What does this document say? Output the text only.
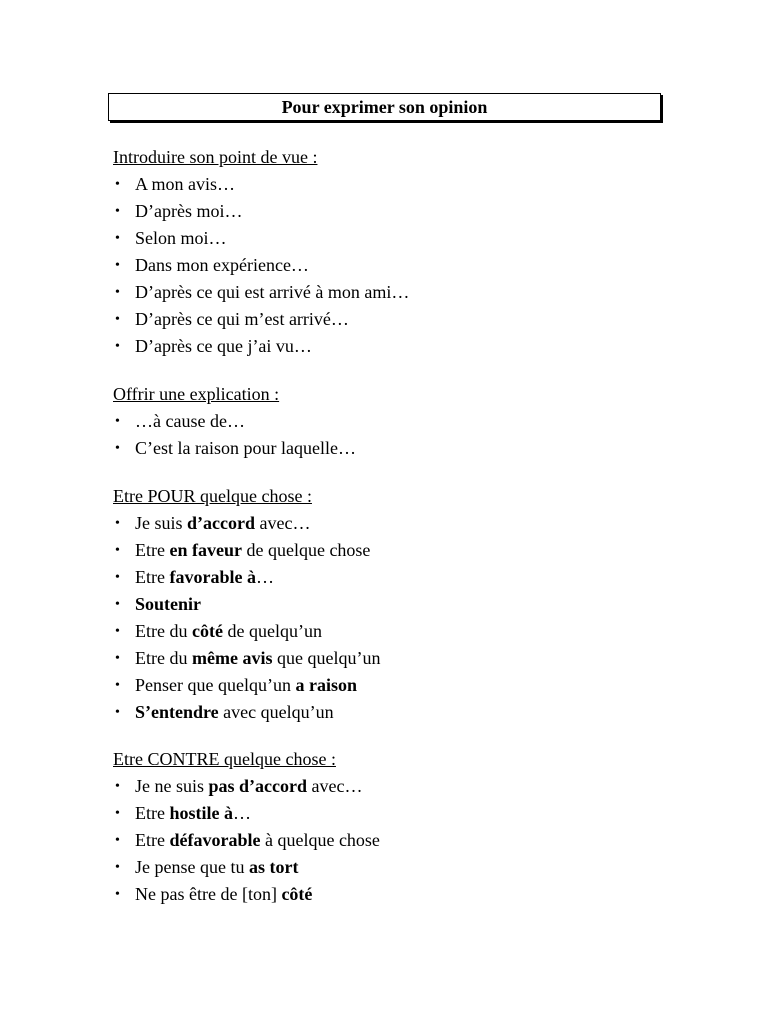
Pour exprimer son opinion
Introduire son point de vue :
• A mon avis…
• D’après moi…
• Selon moi…
• Dans mon expérience…
• D’après ce qui est arrivé à mon ami…
• D’après ce qui m’est arrivé…
• D’après ce que j’ai vu…
Offrir une explication :
• …à cause de…
• C’est la raison pour laquelle…
Etre POUR quelque chose :
• Je suis d’accord avec…
• Etre en faveur de quelque chose
• Etre favorable à…
• Soutenir
• Etre du côté de quelqu’un
• Etre du même avis que quelqu’un
• Penser que quelqu’un a raison
• S’entendre avec quelqu’un
Etre CONTRE quelque chose :
• Je ne suis pas d’accord avec…
• Etre hostile à…
• Etre défavorable à quelque chose
• Je pense que tu as tort
• Ne pas être de [ton] côté
